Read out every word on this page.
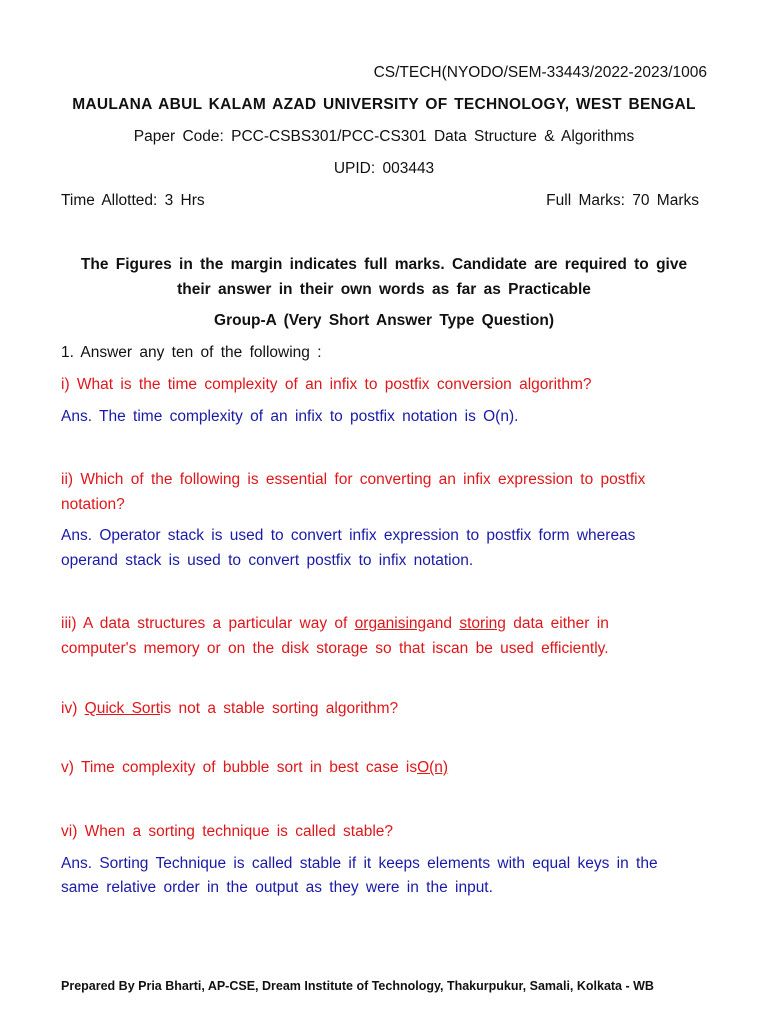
CS/TECH(NYODO/SEM-33443/2022-2023/1006
MAULANA ABUL KALAM AZAD UNIVERSITY OF TECHNOLOGY, WEST BENGAL
Paper Code: PCC-CSBS301/PCC-CS301 Data Structure & Algorithms
UPID: 003443
Time Allotted: 3 Hrs	Full Marks: 70 Marks
The Figures in the margin indicates full marks. Candidate are required to give
their answer in their own words as far as Practicable
Group-A (Very Short Answer Type Question)
1. Answer any ten of the following :
i) What is the time complexity of an infix to postfix conversion algorithm?
Ans. The time complexity of an infix to postfix notation is O(n).
ii) Which of the following is essential for converting an infix expression to postfix
notation?
Ans. Operator stack is used to convert infix expression to postfix form whereas
operand stack is used to convert postfix to infix notation.
iii) A data structures a particular way of organisingand storing data either in
computer's memory or on the disk storage so that iscan be used efficiently.
iv) Quick Sortis not a stable sorting algorithm?
v) Time complexity of bubble sort in best case isO(n)
vi) When a sorting technique is called stable?
Ans. Sorting Technique is called stable if it keeps elements with equal keys in the
same relative order in the output as they were in the input.
Prepared By Pria Bharti, AP-CSE, Dream Institute of Technology, Thakurpukur, Samali, Kolkata - WB
